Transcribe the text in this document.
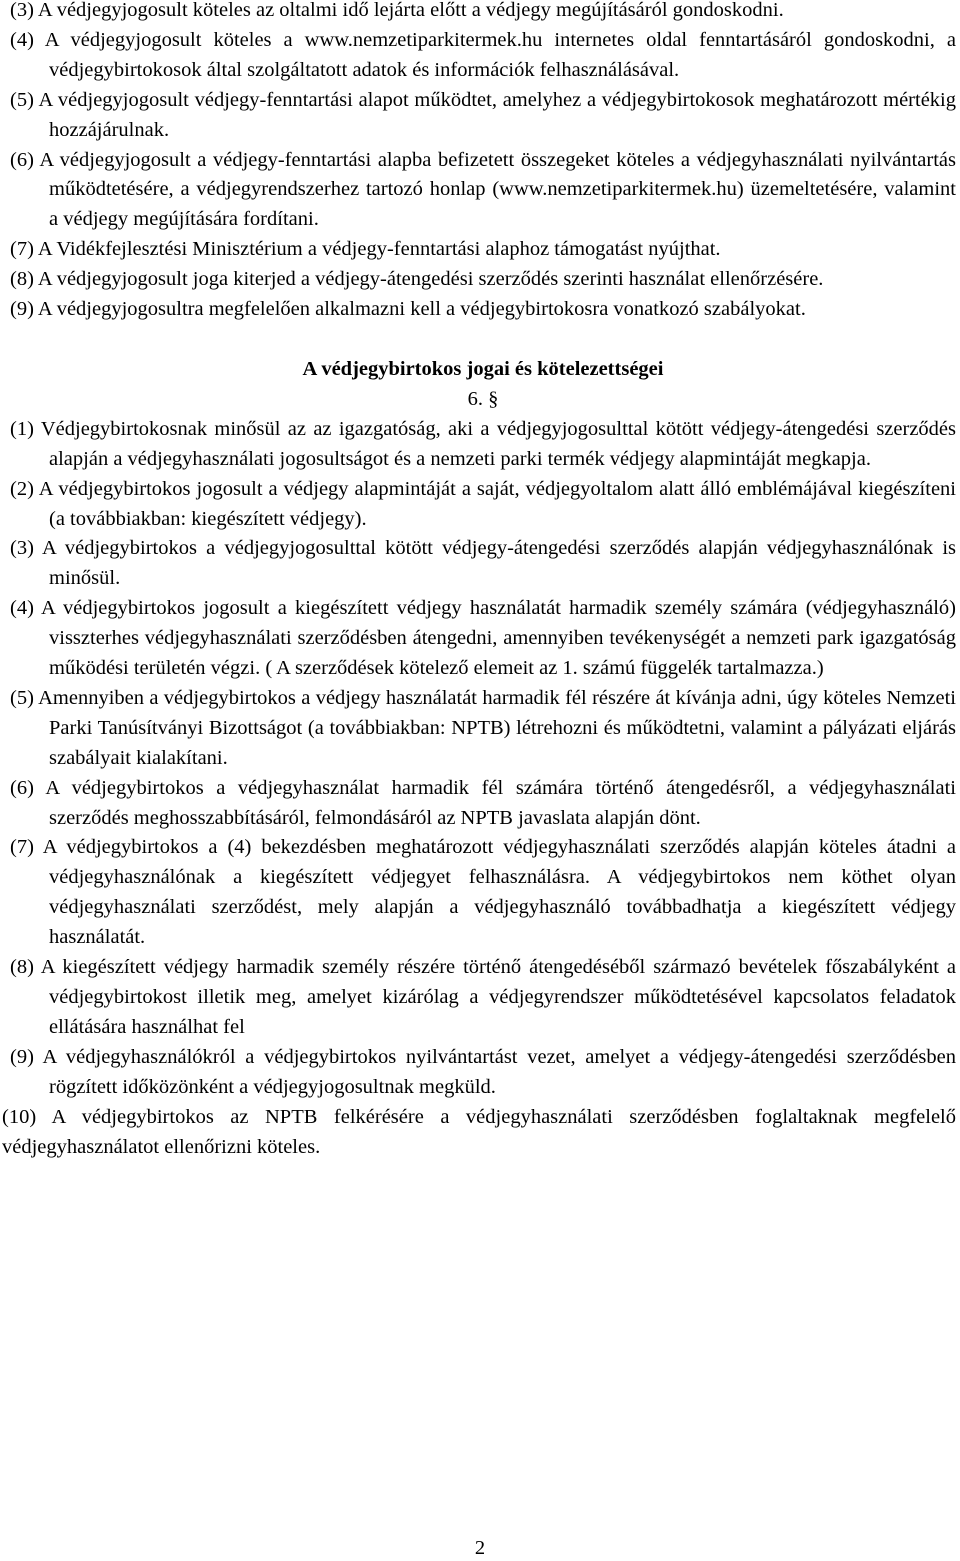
(3) A védjegyjogosult köteles az oltalmi idő lejárta előtt a védjegy megújításáról gondoskodni.

(4) A védjegyjogosult köteles a www.nemzetiparkitermek.hu internetes oldal fenntartásáról gondoskodni, a védjegybirtokosok által szolgáltatott adatok és információk felhasználásával.

(5) A védjegyjogosult védjegy-fenntartási alapot működtet, amelyhez a védjegybirtokosok meghatározott mértékig hozzájárulnak.

(6) A védjegyjogosult a védjegy-fenntartási alapba befizetett összegeket köteles a védjegyhasználati nyilvántartás működtetésére, a védjegyrendszerhez tartozó honlap (www.nemzetiparkitermek.hu) üzemeltetésére, valamint a védjegy megújítására fordítani.

(7) A Vidékfejlesztési Minisztérium a védjegy-fenntartási alaphoz támogatást nyújthat.

(8) A védjegyjogosult joga kiterjed a védjegy-átengedési szerződés szerinti használat ellenőrzésére.

(9) A védjegyjogosultra megfelelően alkalmazni kell a védjegybirtokosra vonatkozó szabályokat.

A védjegybirtokos jogai és kötelezettségei

6. §

(1) Védjegybirtokosnak minősül az az igazgatóság, aki a védjegyjogosulttal kötött védjegy-átengedési szerződés alapján a védjegyhasználati jogosultságot és a nemzeti parki termék védjegy alapmintáját megkapja.

(2) A védjegybirtokos jogosult a védjegy alapmintáját a saját, védjegyoltalom alatt álló emblémájával kiegészíteni (a továbbiakban: kiegészített védjegy).

(3) A védjegybirtokos a védjegyjogosulttal kötött védjegy-átengedési szerződés alapján védjegyhasználónak is minősül.

(4) A védjegybirtokos jogosult a kiegészített védjegy használatát harmadik személy számára (védjegyhasználó) visszterhes védjegyhasználati szerződésben átengedni, amennyiben tevékenységét a nemzeti park igazgatóság működési területén végzi. ( A szerződések kötelező elemeit az 1. számú függelék tartalmazza.)

(5) Amennyiben a védjegybirtokos a védjegy használatát harmadik fél részére át kívánja adni, úgy köteles Nemzeti Parki Tanúsítványi Bizottságot (a továbbiakban: NPTB) létrehozni és működtetni, valamint a pályázati eljárás szabályait kialakítani.

(6) A védjegybirtokos a védjegyhasználat harmadik fél számára történő átengedésről, a védjegyhasználati szerződés meghosszabbításáról, felmondásáról az NPTB javaslata alapján dönt.

(7) A védjegybirtokos a (4) bekezdésben meghatározott védjegyhasználati szerződés alapján köteles átadni a védjegyhasználónak a kiegészített védjegyet felhasználásra. A védjegybirtokos nem köthet olyan védjegyhasználati szerződést, mely alapján a védjegyhasználó továbbadhatja a kiegészített védjegy használatát.

(8) A kiegészített védjegy harmadik személy részére történő átengedéséből származó bevételek főszabályként a védjegybirtokost illetik meg, amelyet kizárólag a védjegyrendszer működtetésével kapcsolatos feladatok ellátására használhat fel

(9) A védjegyhasználókról a védjegybirtokos nyilvántartást vezet, amelyet a védjegy-átengedési szerződésben rögzített időközönként a védjegyjogosultnak megküld.

(10) A védjegybirtokos az NPTB felkérésére a védjegyhasználati szerződésben foglaltaknak megfelelő védjegyhasználatot ellenőrizni köteles.

2
